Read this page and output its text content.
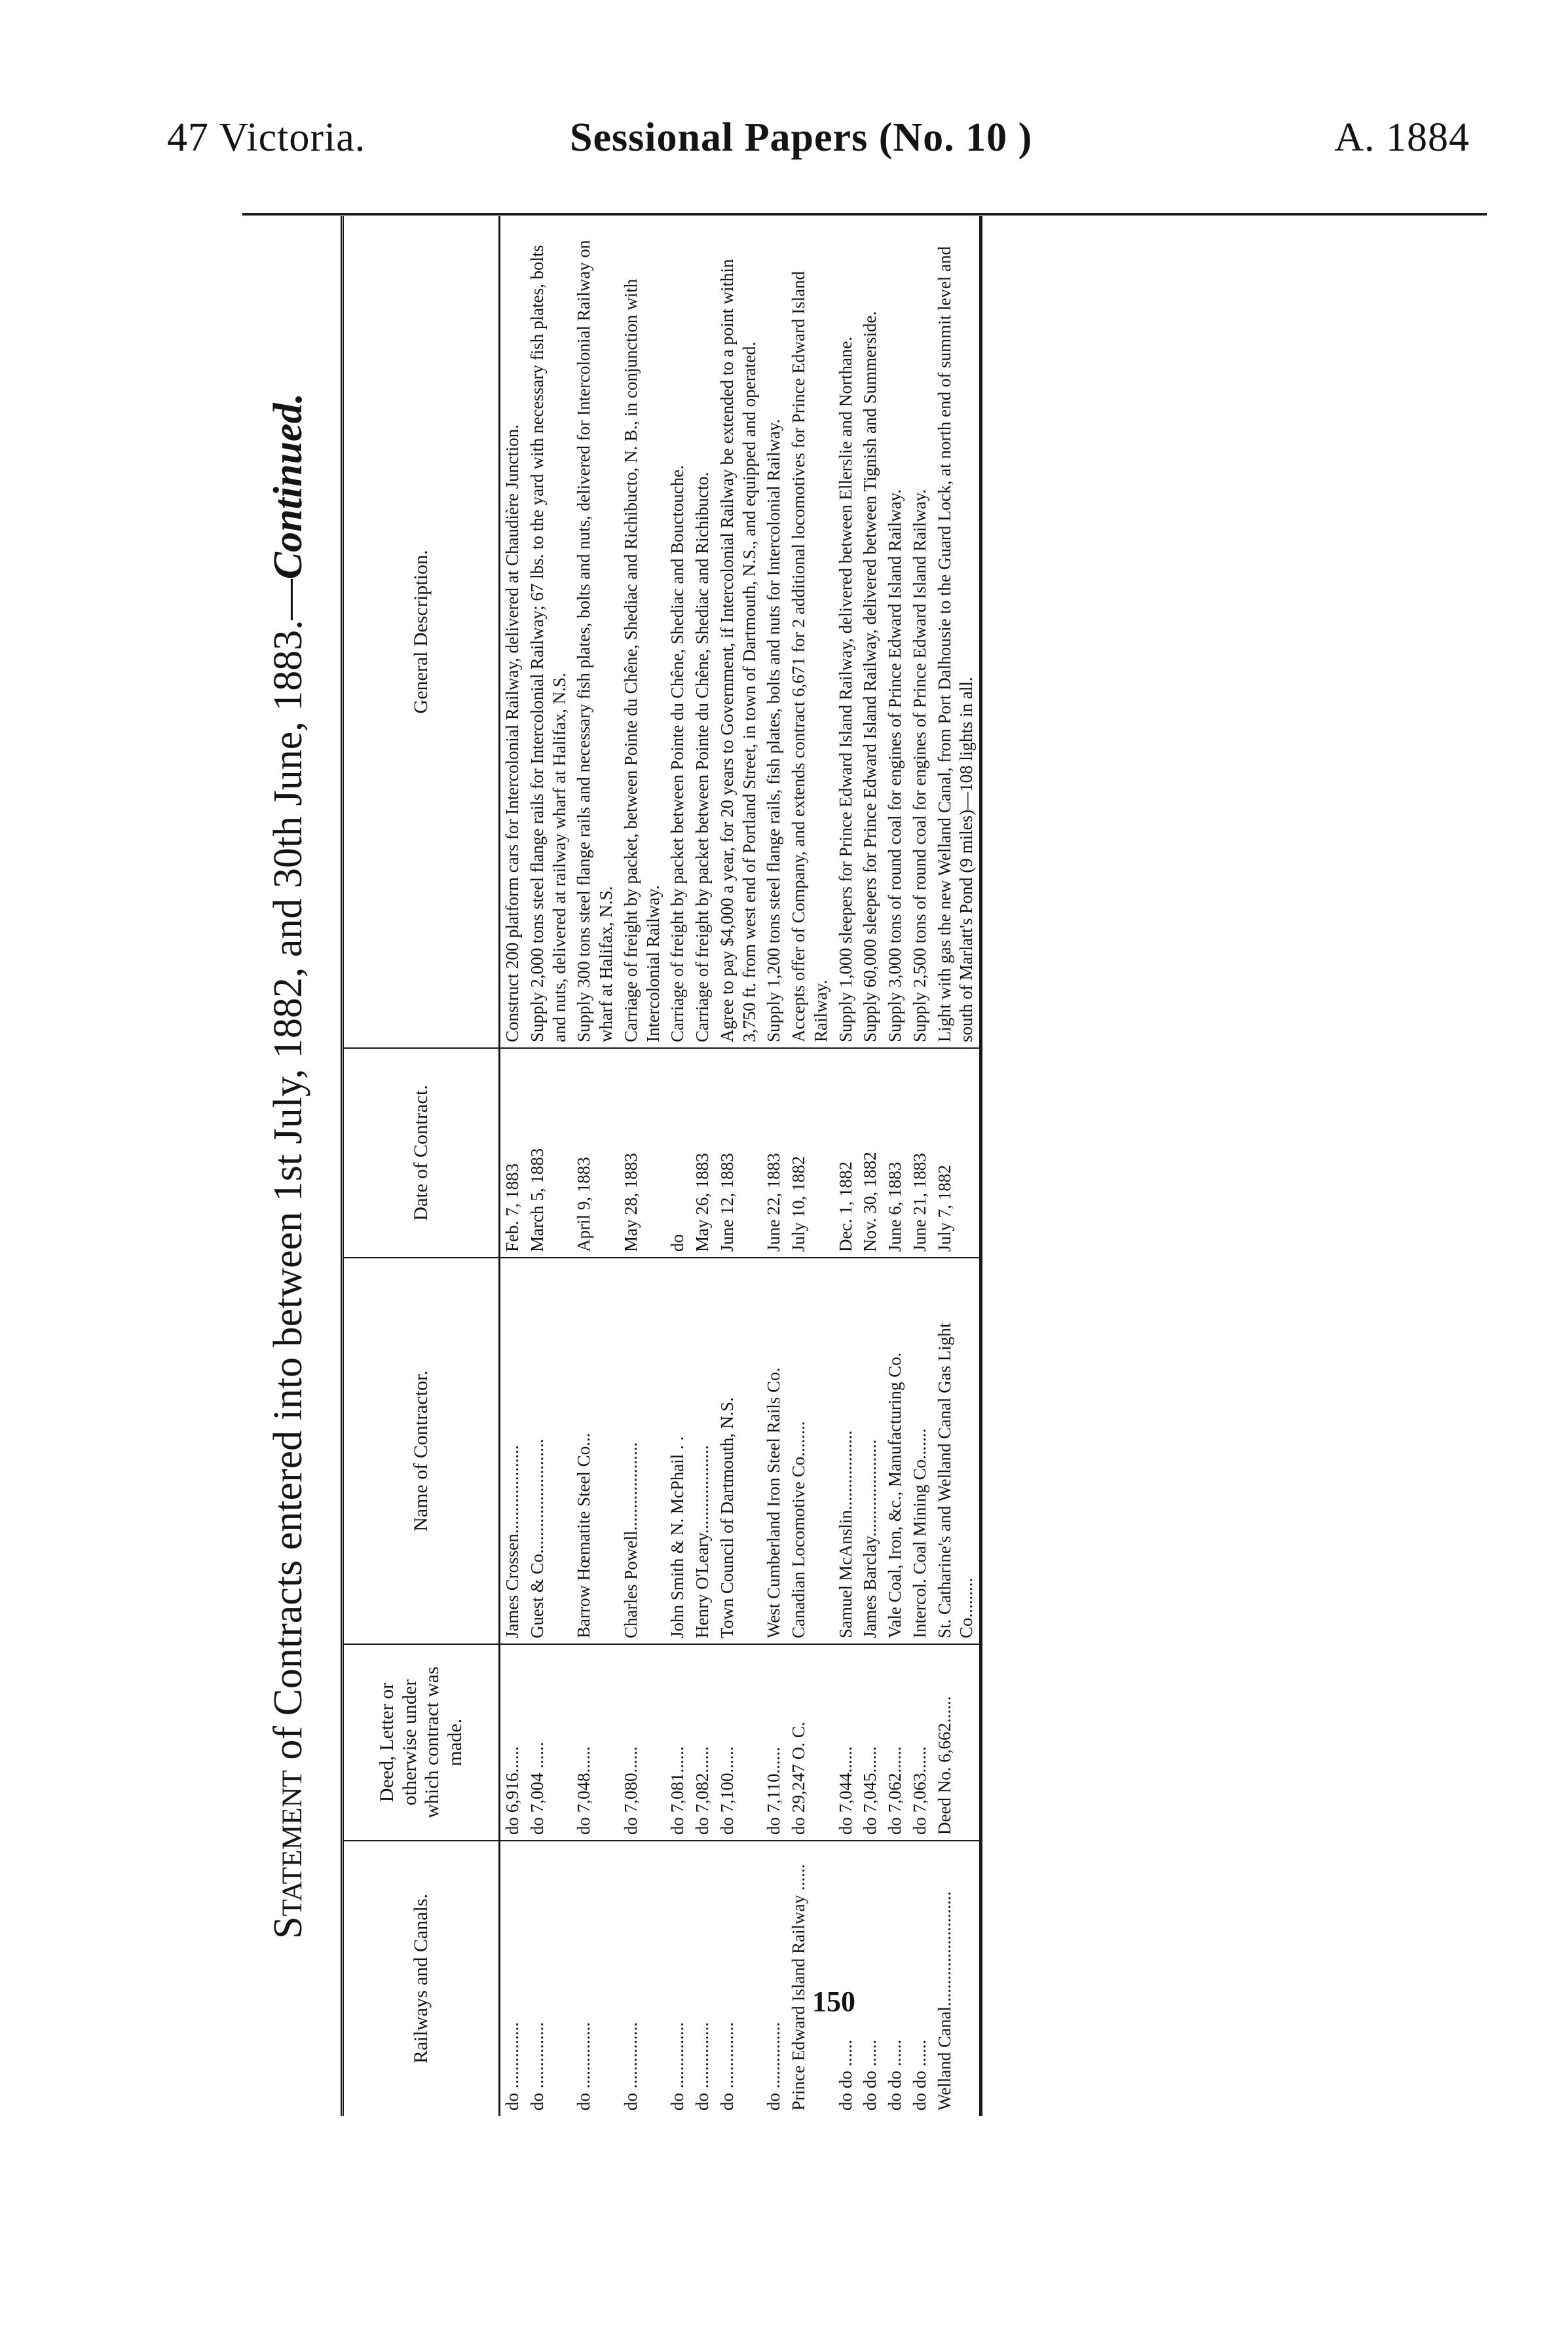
47 Victoria.	Sessional Papers (No. 10 )	A. 1884
Statement of Contracts entered into between 1st July, 1882, and 30th June, 1883.—Continued.
Railways and Canals.	Deed, Letter or otherwise under which contract was made.	Name of Contractor.	Date of Contract.	General Description.
do ...............	do 6,916......	James Crossen....................	Feb. 7, 1883	Construct 200 platform cars for Intercolonial Railway, delivered at Chaudière Junction.
do ...............	do 7,004 ......	Guest & Co..........................	March 5, 1883	Supply 2,000 tons steel flange rails for Intercolonial Railway; 67 lbs. to the yard with necessary fish plates, bolts and nuts, delivered at railway wharf at Halifax, N.S.
do ...............	do 7,048......	Barrow Hœmatite Steel Co...	April 9, 1883	Supply 300 tons steel flange rails and necessary fish plates, bolts and nuts, delivered for Intercolonial Railway on wharf at Halifax, N.S.
do ...............	do 7,080......	Charles Powell....................	May 28, 1883	Carriage of freight by packet, between Pointe du Chêne, Shediac and Richibucto, N. B., in conjunction with Intercolonial Railway.
do ...............	do 7,081......	John Smith & N. McPhail . .	do	Carriage of freight by packet between Pointe du Chêne, Shediac and Bouctouche.
do ...............	do 7,082......	Henry O'Leary....................	May 26, 1883	Carriage of freight by packet between Pointe du Chêne, Shediac and Richibucto.
do ...............	do 7,100......	Town Council of Dartmouth, N.S.	June 12, 1883	Agree to pay $4,000 a year, for 20 years to Government, if Intercolonial Railway be extended to a point within 3,750 ft. from west end of Portland Street, in town of Dartmouth, N.S., and equipped and operated.
do ...............	do 7,110......	West Cumberland Iron Steel Rails Co.	June 22, 1883	Supply 1,200 tons steel flange rails, fish plates, bolts and nuts for Intercolonial Railway.
Prince Edward Island Railway ......	do 29,247 O. C.	Canadian Locomotive Co........	July 10, 1882	Accepts offer of Company, and extends contract 6,671 for 2 additional locomotives for Prince Edward Island Railway.
do do ......	do 7,044......	Samuel McAnslin..................	Dec. 1, 1882	Supply 1,000 sleepers for Prince Edward Island Railway, delivered between Ellerslie and Northane.
do do ......	do 7,045......	James Barclay......................	Nov. 30, 1882	Supply 60,000 sleepers for Prince Edward Island Railway, delivered between Tignish and Summerside.
do do ......	do 7,062......	Vale Coal, Iron, &c., Manufacturing Co.	June 6, 1883	Supply 3,000 tons of round coal for engines of Prince Edward Island Railway.
do do ......	do 7,063......	Intercol. Coal Mining Co.......	June 21, 1883	Supply 2,500 tons of round coal for engines of Prince Edward Island Railway.
Welland Canal..........................	Deed No. 6,662......	St. Catharine's and Welland Canal Gas Light Co.........	July 7, 1882	Light with gas the new Welland Canal, from Port Dalhousie to the Guard Lock, at north end of summit level and south of Marlatt's Pond (9 miles)—108 lights in all.
150
